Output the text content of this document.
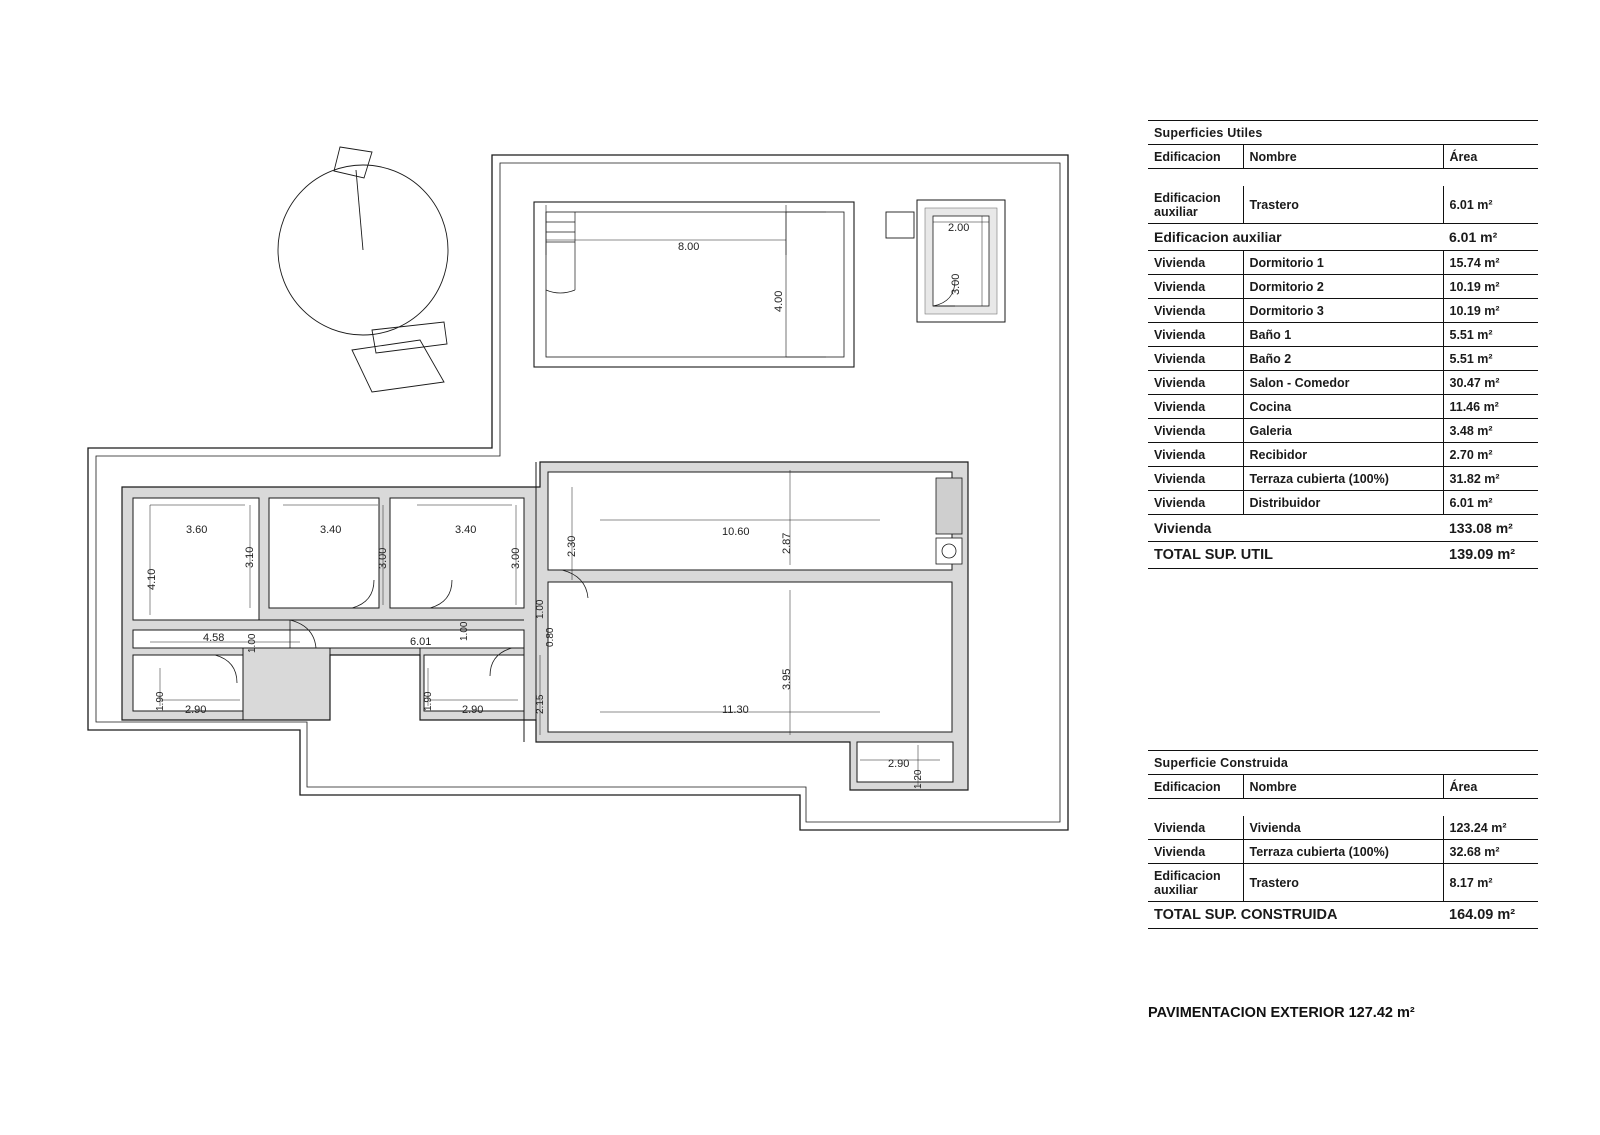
8.00
4.00
2.00
3.00
3.60
4.10
3.40
3.10
3.40
3.00	3.00
2.30
10.60
2.87
1.00
1.00
1.00	0.80
4.58	6.01
1.90 2.90	1.90	2.90	2.15
3.95
11.30
2.90
1.20
Superficies Utiles		
Edificacion	Nombre	Área

Edificacion auxiliar	Trastero	6.01 m²
Edificacion auxiliar		6.01 m²
Vivienda	Dormitorio 1	15.74 m²
Vivienda	Dormitorio 2	10.19 m²
Vivienda	Dormitorio 3	10.19 m²
Vivienda	Baño 1	5.51 m²
Vivienda	Baño 2	5.51 m²
Vivienda	Salon - Comedor	30.47 m²
Vivienda	Cocina	11.46 m²
Vivienda	Galeria	3.48 m²
Vivienda	Recibidor	2.70 m²
Vivienda	Terraza cubierta (100%)	31.82 m²
Vivienda	Distribuidor	6.01 m²
Vivienda		133.08 m²
TOTAL SUP. UTIL		139.09 m²
Superficie Construida		
Edificacion	Nombre	Área

Vivienda	Vivienda	123.24 m²
Vivienda	Terraza cubierta (100%)	32.68 m²
Edificacion auxiliar	Trastero	8.17 m²
TOTAL SUP. CONSTRUIDA		164.09 m²
PAVIMENTACION EXTERIOR 127.42 m²
